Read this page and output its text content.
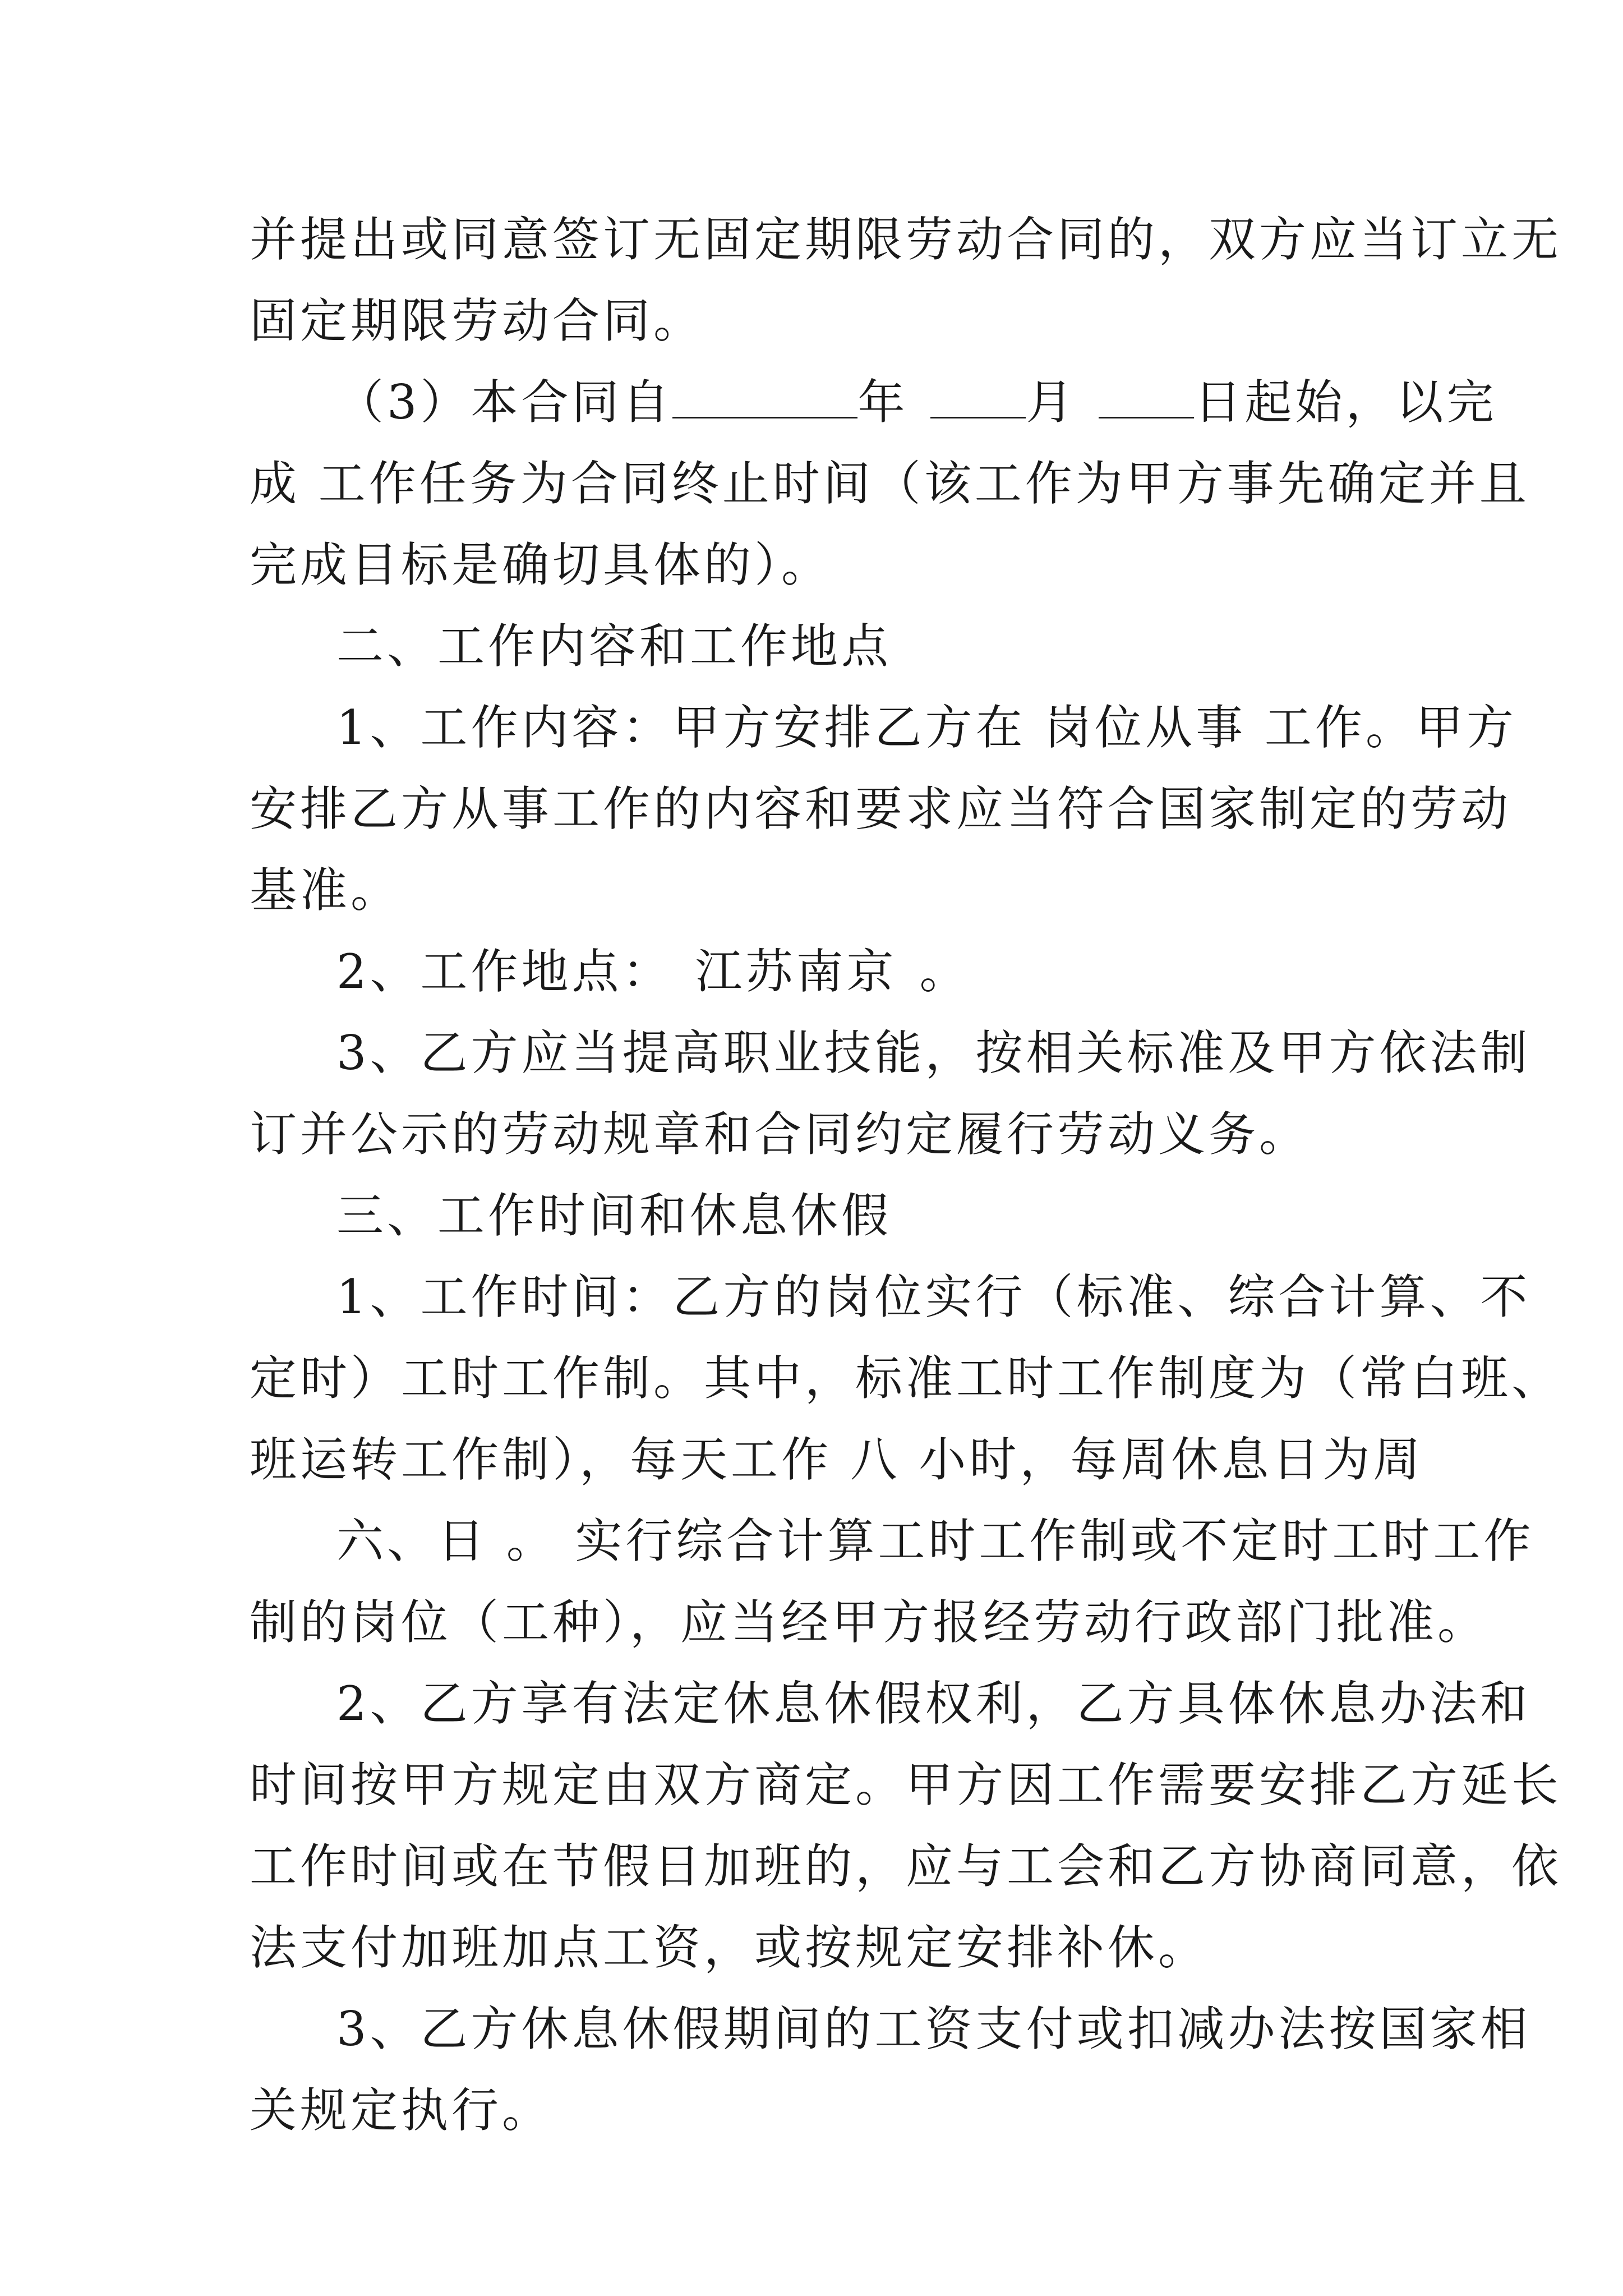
并提出或同意签订无固定期限劳动合同的，双方应当订立无
固定期限劳动合同。
（3）本合同自	年	月	日起始，以完
成 工作任务为合同终止时间（该工作为甲方事先确定并且
完成目标是确切具体的）。
二、工作内容和工作地点
1、工作内容：甲方安排乙方在 岗位从事 工作。甲方
安排乙方从事工作的内容和要求应当符合国家制定的劳动
基准。
2、工作地点： 江苏南京 。
3、乙方应当提高职业技能，按相关标准及甲方依法制
订并公示的劳动规章和合同约定履行劳动义务。
三、工作时间和休息休假
1、工作时间：乙方的岗位实行（标准、综合计算、不
定时）工时工作制。其中，标准工时工作制度为（常白班、
班运转工作制），每天工作 八 小时，每周休息日为周
六、日 。 实行综合计算工时工作制或不定时工时工作
制的岗位（工种），应当经甲方报经劳动行政部门批准。
2、乙方享有法定休息休假权利，乙方具体休息办法和
时间按甲方规定由双方商定。甲方因工作需要安排乙方延长
工作时间或在节假日加班的，应与工会和乙方协商同意，依
法支付加班加点工资，或按规定安排补休。
3、乙方休息休假期间的工资支付或扣减办法按国家相
关规定执行。
